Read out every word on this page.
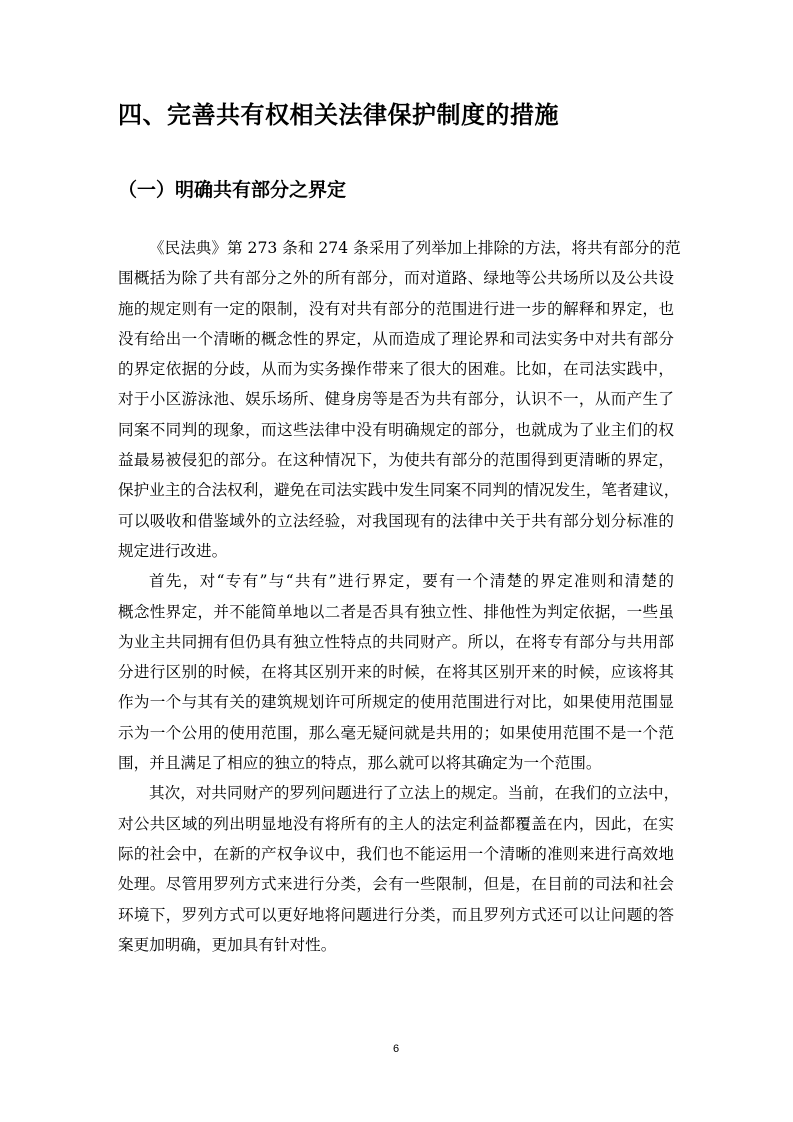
四、完善共有权相关法律保护制度的措施
（一）明确共有部分之界定

《民法典》第 273 条和 274 条采用了列举加上排除的方法，将共有部分的范
围概括为除了共有部分之外的所有部分，而对道路、绿地等公共场所以及公共设
施的规定则有一定的限制，没有对共有部分的范围进行进一步的解释和界定，也
没有给出一个清晰的概念性的界定，从而造成了理论界和司法实务中对共有部分
的界定依据的分歧，从而为实务操作带来了很大的困难。比如，在司法实践中，
对于小区游泳池、娱乐场所、健身房等是否为共有部分，认识不一，从而产生了
同案不同判的现象，而这些法律中没有明确规定的部分，也就成为了业主们的权
益最易被侵犯的部分。在这种情况下，为使共有部分的范围得到更清晰的界定，
保护业主的合法权利，避免在司法实践中发生同案不同判的情况发生，笔者建议，
可以吸收和借鉴域外的立法经验，对我国现有的法律中关于共有部分划分标准的
规定进行改进。

首先，对“专有”与“共有”进行界定，要有一个清楚的界定准则和清楚的
概念性界定，并不能简单地以二者是否具有独立性、排他性为判定依据，一些虽
为业主共同拥有但仍具有独立性特点的共同财产。所以，在将专有部分与共用部
分进行区别的时候，在将其区别开来的时候，在将其区别开来的时候，应该将其
作为一个与其有关的建筑规划许可所规定的使用范围进行对比，如果使用范围显
示为一个公用的使用范围，那么毫无疑问就是共用的；如果使用范围不是一个范
围，并且满足了相应的独立的特点，那么就可以将其确定为一个范围。

其次，对共同财产的罗列问题进行了立法上的规定。当前，在我们的立法中，
对公共区域的列出明显地没有将所有的主人的法定利益都覆盖在内，因此，在实
际的社会中，在新的产权争议中，我们也不能运用一个清晰的准则来进行高效地
处理。尽管用罗列方式来进行分类，会有一些限制，但是，在目前的司法和社会
环境下，罗列方式可以更好地将问题进行分类，而且罗列方式还可以让问题的答
案更加明确，更加具有针对性。

6
